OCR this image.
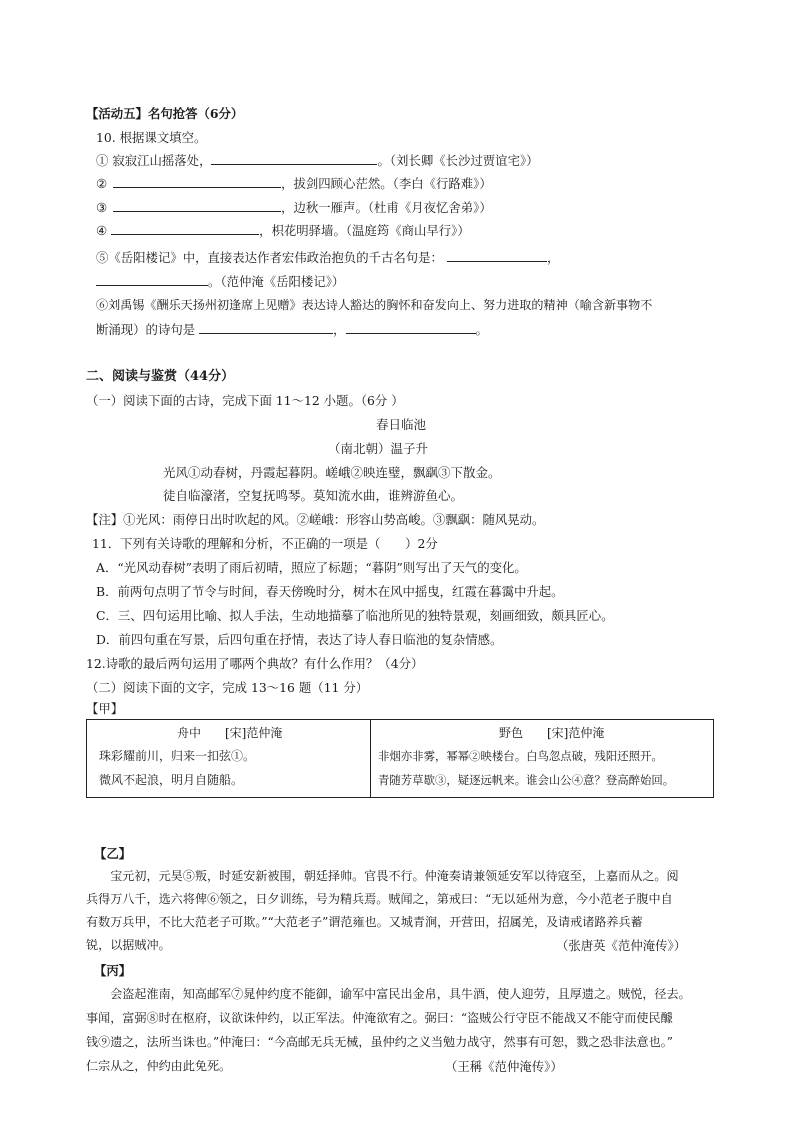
【活动五】名句抢答（6分）
10. 根据课文填空。
① 寂寂江山摇落处，	。（刘长卿《长沙过贾谊宅》）
②	，拔剑四顾心茫然。（李白《行路难》）
③	，边秋一雁声。（杜甫《月夜忆舍弟》）
④	，枳花明驿墙。（温庭筠《商山早行》）
⑤《岳阳楼记》中，直接表达作者宏伟政治抱负的千古名句是：	，
。（范仲淹《岳阳楼记》）
⑥刘禹锡《酬乐天扬州初逢席上见赠》表达诗人豁达的胸怀和奋发向上、努力进取的精神（喻含新事物不
断涌现）的诗句是	，	。
二、阅读与鉴赏（44分）
（一）阅读下面的古诗，完成下面 11～12 小题。（6分 ）
春日临池
（南北朝）温子升
光风①动春树，丹霞起暮阴。嵯峨②映连璧，飘飖③下散金。
徒自临濠渚，空复抚鸣琴。莫知流水曲，谁辨游鱼心。
【注】①光风：雨停日出时吹起的风。②嵯峨：形容山势高峻。③飘飖：随风晃动。
11．下列有关诗歌的理解和分析，不正确的一项是（　　）2分
A．“光风动春树”表明了雨后初晴，照应了标题；“暮阴”则写出了天气的变化。
B．前两句点明了节令与时间，春天傍晚时分，树木在风中摇曳，红霞在暮霭中升起。
C．三、四句运用比喻、拟人手法，生动地描摹了临池所见的独特景观，刻画细致，颇具匠心。
D．前四句重在写景，后四句重在抒情，表达了诗人春日临池的复杂情感。
12.诗歌的最后两句运用了哪两个典故？有什么作用？（4分）
（二）阅读下面的文字，完成 13～16 题（11 分）
【甲】
舟中　　[宋]范仲淹
珠彩耀前川，归来一扣弦①。
微风不起浪，明月自随船。
野色　　[宋]范仲淹
非烟亦非雾，幂幂②映楼台。白鸟忽点破，残阳还照开。
青随芳草歇③，疑逐远帆来。谁会山公④意？登高醉始回。
【乙】
　　宝元初，元昊⑤叛，时延安新被围，朝廷择帅。官畏不行。仲淹奏请兼领延安军以待寇至，上嘉而从之。阅
兵得万八千，选六将俾⑥领之，日夕训练，号为精兵焉。贼闻之，第戒曰：“无以延州为意，今小范老子腹中自
有数万兵甲，不比大范老子可欺。”“大范老子”谓范雍也。又城青涧，开营田，招属羌，及请戒诸路养兵蓄
锐，以据贼冲。	（张唐英《范仲淹传》）
【丙】
　　会盗起淮南，知高邮军⑦晁仲约度不能御，谕军中富民出金帛，具牛酒，使人迎劳，且厚遗之。贼悦，径去。
事闻，富弼⑧时在枢府，议欲诛仲约，以正军法。仲淹欲宥之。弼曰：“盗贼公行守臣不能战又不能守而使民醵
钱⑨遗之，法所当诛也。”仲淹曰：“今高邮无兵无械，虽仲约之义当勉力战守，然事有可恕，戮之恐非法意也。”
仁宗从之，仲约由此免死。	（王稱《范仲淹传》）
